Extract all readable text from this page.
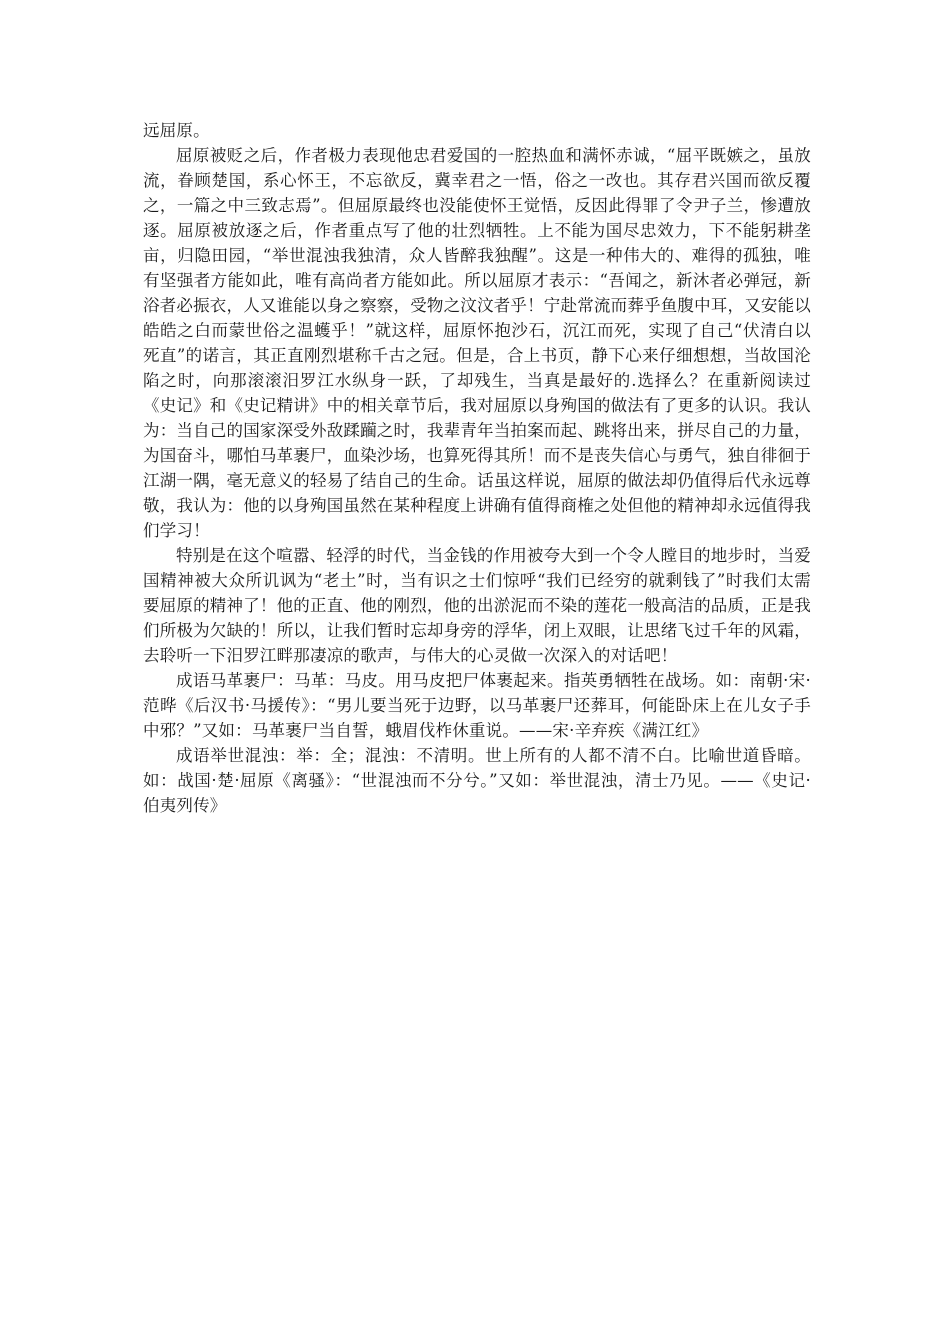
远屈原。

屈原被贬之后，作者极力表现他忠君爱国的一腔热血和满怀赤诚，“屈平既嫉之，虽放流，眷顾楚国，系心怀王，不忘欲反，冀幸君之一悟，俗之一改也。其存君兴国而欲反覆之，一篇之中三致志焉”。但屈原最终也没能使怀王觉悟，反因此得罪了令尹子兰，惨遭放逐。屈原被放逐之后，作者重点写了他的壮烈牺牲。上不能为国尽忠效力，下不能躬耕垄亩，归隐田园，“举世混浊我独清，众人皆醉我独醒”。这是一种伟大的、难得的孤独，唯有坚强者方能如此，唯有高尚者方能如此。所以屈原才表示：“吾闻之，新沐者必弹冠，新浴者必振衣，人又谁能以身之察察，受物之汶汶者乎！宁赴常流而葬乎鱼腹中耳，又安能以皓皓之白而蒙世俗之温蠖乎！”就这样，屈原怀抱沙石，沉江而死，实现了自己“伏清白以死直”的诺言，其正直刚烈堪称千古之冠。但是，合上书页，静下心来仔细想想，当故国沦陷之时，向那滚滚汨罗江水纵身一跃，了却残生，当真是最好的.选择么？在重新阅读过《史记》和《史记精讲》中的相关章节后，我对屈原以身殉国的做法有了更多的认识。我认为：当自己的国家深受外敌蹂躏之时，我辈青年当拍案而起、跳将出来，拼尽自己的力量，为国奋斗，哪怕马革裹尸，血染沙场，也算死得其所！而不是丧失信心与勇气，独自徘徊于江湖一隅，毫无意义的轻易了结自己的生命。话虽这样说，屈原的做法却仍值得后代永远尊敬，我认为：他的以身殉国虽然在某种程度上讲确有值得商榷之处但他的精神却永远值得我们学习！

特别是在这个喧嚣、轻浮的时代，当金钱的作用被夸大到一个令人瞠目的地步时，当爱国精神被大众所讥讽为“老土”时，当有识之士们惊呼“我们已经穷的就剩钱了”时我们太需要屈原的精神了！他的正直、他的刚烈，他的出淤泥而不染的莲花一般高洁的品质，正是我们所极为欠缺的！所以，让我们暂时忘却身旁的浮华，闭上双眼，让思绪飞过千年的风霜，去聆听一下汨罗江畔那凄凉的歌声，与伟大的心灵做一次深入的对话吧！

成语马革裹尸：马革：马皮。用马皮把尸体裹起来。指英勇牺牲在战场。如：南朝·宋·范晔《后汉书·马援传》：“男儿要当死于边野，以马革裹尸还葬耳，何能卧床上在儿女子手中邪？”又如：马革裹尸当自誓，蛾眉伐柞休重说。——宋·辛弃疾《满江红》

成语举世混浊：举：全；混浊：不清明。世上所有的人都不清不白。比喻世道昏暗。如：战国·楚·屈原《离骚》：“世混浊而不分兮。”又如：举世混浊，清士乃见。——《史记·伯夷列传》
